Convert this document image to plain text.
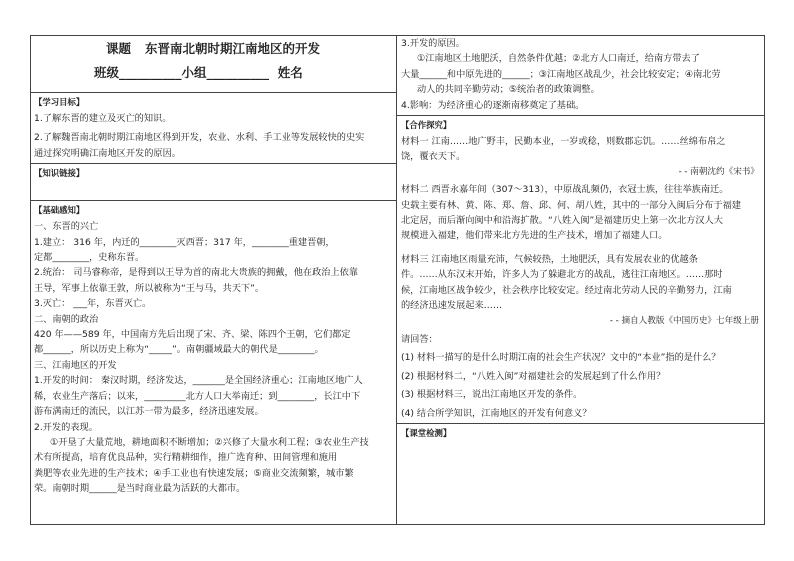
课题 东晋南北朝时期江南地区的开发
班级__________小组__________  姓名
【学习目标】
1.了解东晋的建立及灭亡的知识。
2.了解魏晋南北朝时期江南地区得到开发，农业、水利、手工业等发展较快的史实
通过探究明确江南地区开发的原因。
【知识链接】
【基础感知】
一、东晋的兴亡
1.建立： 316 年，内迁的________灭西晋；317 年，________重建晋朝，
定都________，史称东晋。
2.统治： 司马睿称帝，是得到以王导为首的南北大贵族的拥戴，他在政治上依靠
王导，军事上依靠王敦，所以被称为“王与马，共天下”。
3.灭亡： ___年，东晋灭亡。
二、南朝的政治
420 年——589 年，中国南方先后出现了宋、齐、梁、陈四个王朝，它们都定
都______，所以历史上称为“_____”。南朝疆域最大的朝代是________。
三、江南地区的开发
1.开发的时间： 秦汉时期，经济发达，_______是全国经济重心；江南地区地广人
稀，农业生产落后；以来，_________北方人口大举南迁；到________，长江中下
游布满南迁的流民，以江苏一带为最多，经济迅速发展。
2.开发的表现。
①开垦了大量荒地，耕地面积不断增加；②兴修了大量水利工程；③农业生产技
术有所提高，培育优良品种，实行精耕细作，推广选育种、田间管理和施用
粪肥等农业先进的生产技术；④手工业也有快速发展；⑤商业交流频繁，城市繁
荣。南朝时期______是当时商业最为活跃的大都市。
3.开发的原因。
①江南地区土地肥沃，自然条件优越；②北方人口南迁，给南方带去了
大量______和中原先进的______；③江南地区战乱少，社会比较安定；④南北劳
动人的共同辛勤劳动；⑤统治者的政策调整。
4.影响：为经济重心的逐渐南移奠定了基础。
【合作探究】
材料一 江南……地广野丰，民勤本业，一岁或稔，则数郡忘饥。……丝绵布帛之
饶，覆衣天下。
- - 南朝沈约《宋书》
材料二 西晋永嘉年间（307～313），中原战乱频仍，衣冠士族，往往举族南迁。
史载主要有林、黄、陈、郑、詹、邱、何、胡八姓，其中的一部分入闽后分布于福建
北定居，而后渐向闽中和沿海扩散。“八姓入闽”是福建历史上第一次北方汉人大
规模进入福建，他们带来北方先进的生产技术，增加了福建人口。
材料三 江南地区雨量充沛，气候较热，土地肥沃，具有发展农业的优越条
件。……从东汉末开始，许多人为了躲避北方的战乱，逃往江南地区。……那时
候，江南地区战争较少，社会秩序比较安定。经过南北劳动人民的辛勤努力，江南
的经济迅速发展起来……
- - 摘自人教版《中国历史》七年级上册
请回答：
(1) 材料一描写的是什么时期江南的社会生产状况？文中的“本业”指的是什么？
(2) 根据材料二，“八姓入闽”对福建社会的发展起到了什么作用？
(3) 根据材料三，说出江南地区开发的条件。
(4) 结合所学知识，江南地区的开发有何意义？
【课堂检测】
